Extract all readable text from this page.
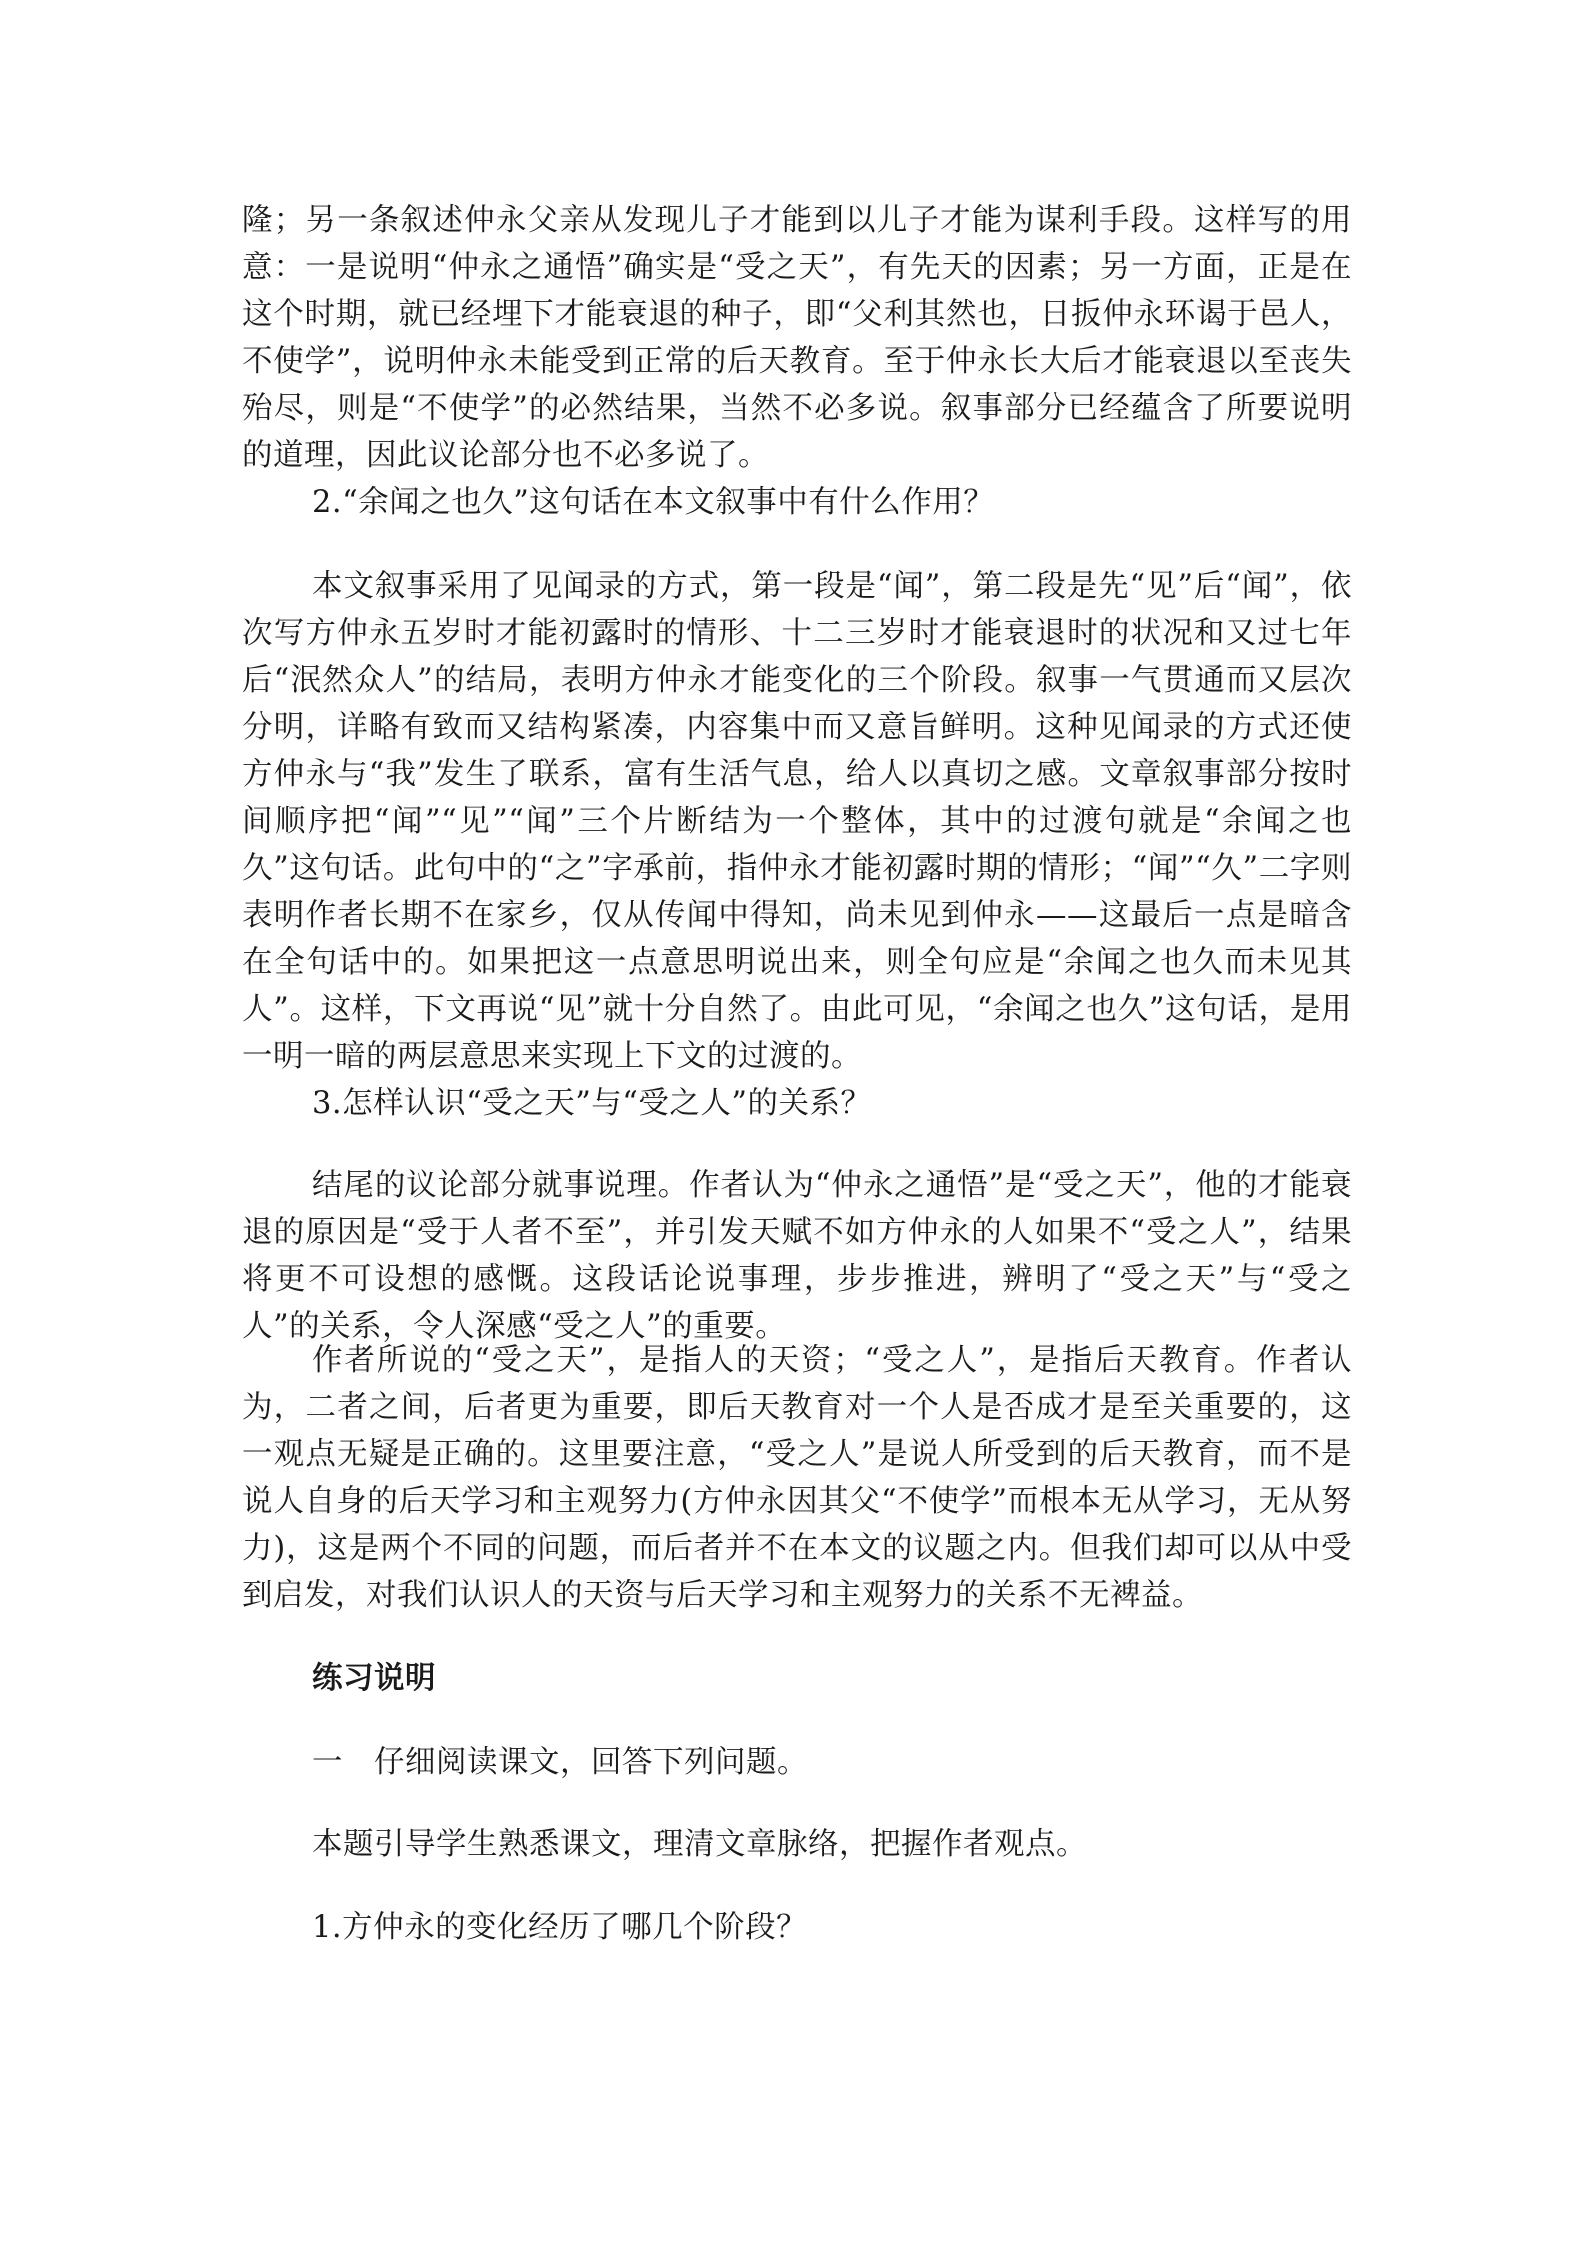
隆；另一条叙述仲永父亲从发现儿子才能到以儿子才能为谋利手段。这样写的用意：一是说明“仲永之通悟”确实是“受之天”，有先天的因素；另一方面，正是在这个时期，就已经埋下才能衰退的种子，即“父利其然也，日扳仲永环谒于邑人，不使学”，说明仲永未能受到正常的后天教育。至于仲永长大后才能衰退以至丧失殆尽，则是“不使学”的必然结果，当然不必多说。叙事部分已经蕴含了所要说明的道理，因此议论部分也不必多说了。

2.“余闻之也久”这句话在本文叙事中有什么作用？

本文叙事采用了见闻录的方式，第一段是“闻”，第二段是先“见”后“闻”，依次写方仲永五岁时才能初露时的情形、十二三岁时才能衰退时的状况和又过七年后“泯然众人”的结局，表明方仲永才能变化的三个阶段。叙事一气贯通而又层次分明，详略有致而又结构紧凑，内容集中而又意旨鲜明。这种见闻录的方式还使方仲永与“我”发生了联系，富有生活气息，给人以真切之感。文章叙事部分按时间顺序把“闻”“见”“闻”三个片断结为一个整体，其中的过渡句就是“余闻之也久”这句话。此句中的“之”字承前，指仲永才能初露时期的情形；“闻”“久”二字则表明作者长期不在家乡，仅从传闻中得知，尚未见到仲永——这最后一点是暗含在全句话中的。如果把这一点意思明说出来，则全句应是“余闻之也久而未见其人”。这样，下文再说“见”就十分自然了。由此可见，“余闻之也久”这句话，是用一明一暗的两层意思来实现上下文的过渡的。

3.怎样认识“受之天”与“受之人”的关系？

结尾的议论部分就事说理。作者认为“仲永之通悟”是“受之天”，他的才能衰退的原因是“受于人者不至”，并引发天赋不如方仲永的人如果不“受之人”，结果将更不可设想的感慨。这段话论说事理，步步推进，辨明了“受之天”与“受之人”的关系，令人深感“受之人”的重要。

作者所说的“受之天”，是指人的天资；“受之人”，是指后天教育。作者认为，二者之间，后者更为重要，即后天教育对一个人是否成才是至关重要的，这一观点无疑是正确的。这里要注意，“受之人”是说人所受到的后天教育，而不是说人自身的后天学习和主观努力(方仲永因其父“不使学”而根本无从学习，无从努力)，这是两个不同的问题，而后者并不在本文的议题之内。但我们却可以从中受到启发，对我们认识人的天资与后天学习和主观努力的关系不无裨益。

练习说明

一　仔细阅读课文，回答下列问题。

本题引导学生熟悉课文，理清文章脉络，把握作者观点。

1.方仲永的变化经历了哪几个阶段？
